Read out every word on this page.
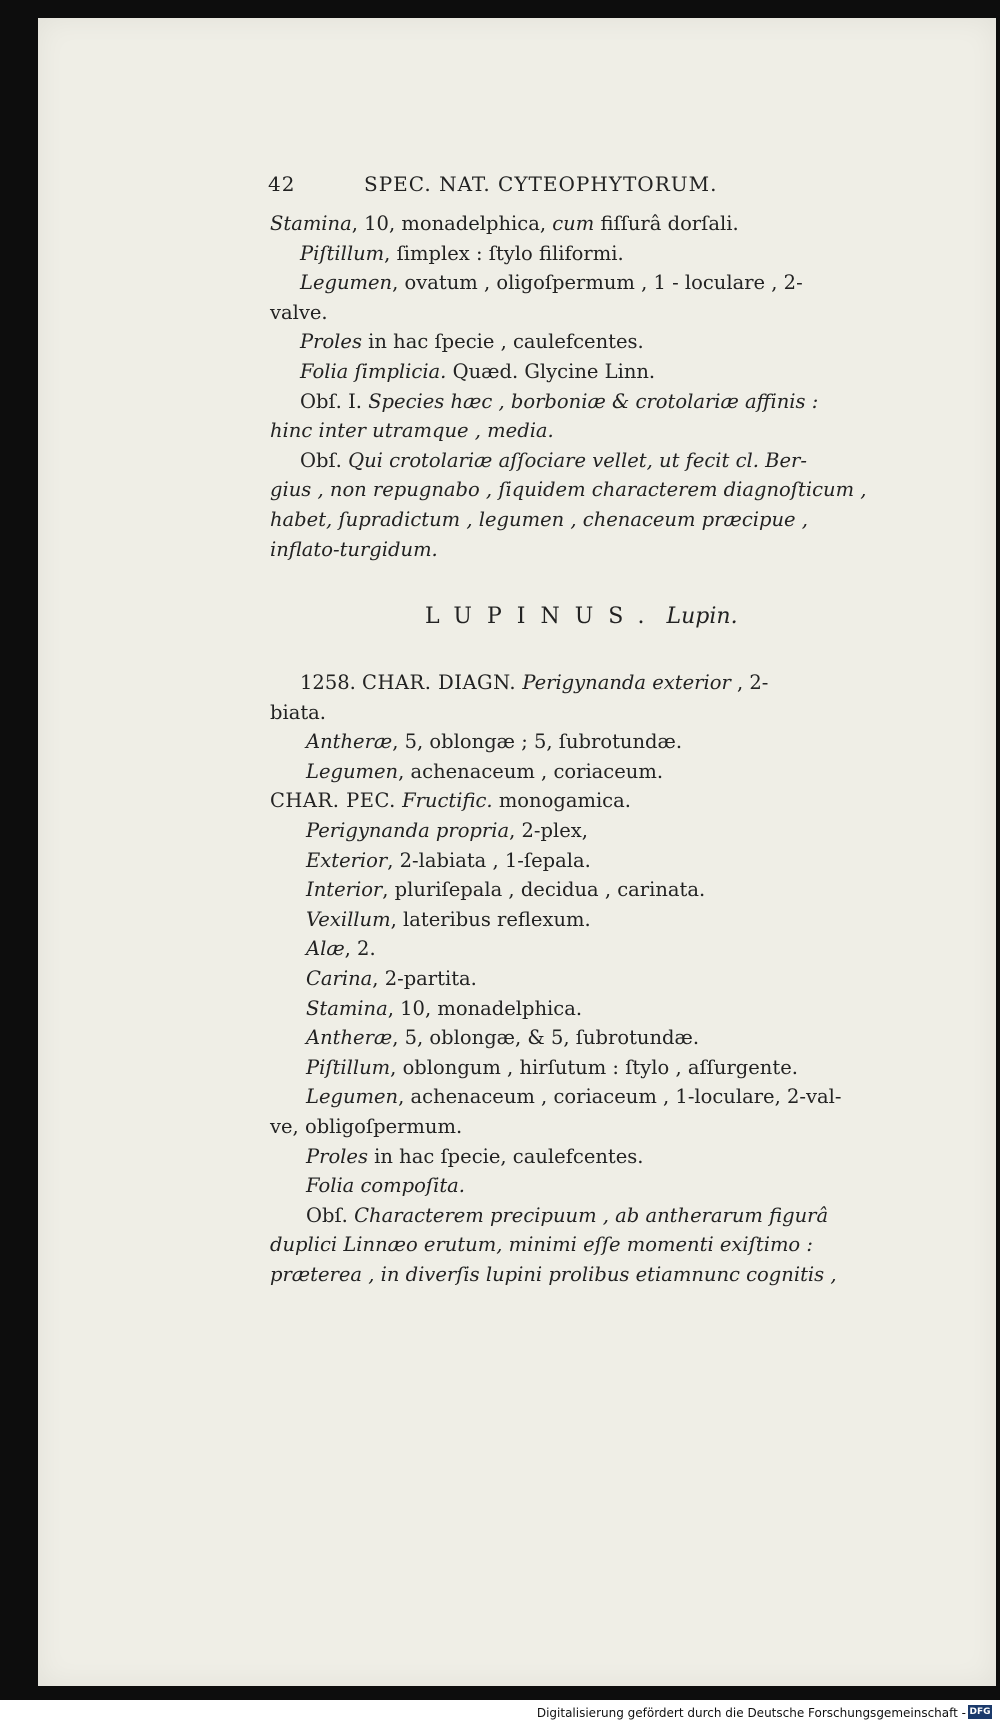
42	SPEC. NAT. CYTEOPHYTORUM.
Stamina, 10, monadelphica, cum fiſſurâ dorſali.
Piſtillum, ſimplex : ſtylo filiformi.
Legumen, ovatum , oligoſpermum , 1 - loculare , 2-
valve.
Proles in hac ſpecie , caulefcentes.
Folia ſimplicia. Quæd. Glycine Linn.
Obſ. I. Species hæc , borboniæ & crotolariæ affinis :
hinc inter utramque , media.
Obſ. Qui crotolariæ aſſociare vellet, ut fecit cl. Ber-
gius , non repugnabo , ſiquidem characterem diagnoſticum ,
habet, ſupradictum , legumen , chenaceum præcipue ,
inflato-turgidum.
LUPINUS. Lupin.
1258. CHAR. DIAGN. Perigynanda exterior , 2-
biata.
Antheræ, 5, oblongæ ; 5, ſubrotundæ.
Legumen, achenaceum , coriaceum.
CHAR. PEC. Fructific. monogamica.
Perigynanda propria, 2-plex,
Exterior, 2-labiata , 1-ſepala.
Interior, pluriſepala , decidua , carinata.
Vexillum, lateribus reflexum.
Alæ, 2.
Carina, 2-partita.
Stamina, 10, monadelphica.
Antheræ, 5, oblongæ, & 5, ſubrotundæ.
Piſtillum, oblongum , hirſutum : ſtylo , aſſurgente.
Legumen, achenaceum , coriaceum , 1-loculare, 2-val-
ve, obligoſpermum.
Proles in hac ſpecie, caulefcentes.
Folia compoſita.
Obſ. Characterem precipuum , ab antherarum figurâ
duplici Linnæo erutum, minimi eſſe momenti exiſtimo :
præterea , in diverſis lupini prolibus etiamnunc cognitis ,
Digitalisierung gefördert durch die Deutsche Forschungsgemeinschaft - DFG
